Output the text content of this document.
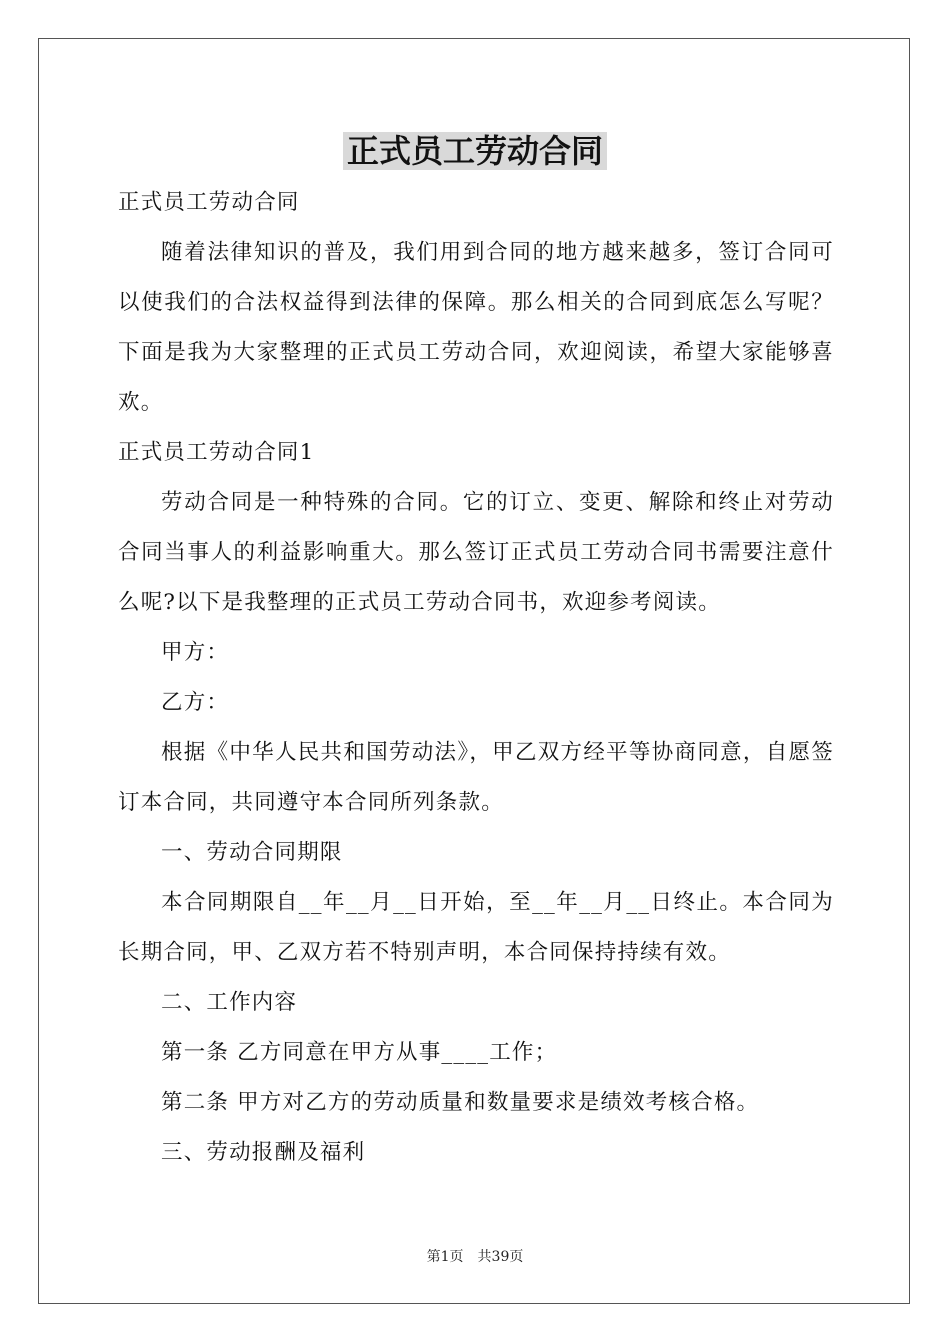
正式员工劳动合同

正式员工劳动合同

随着法律知识的普及，我们用到合同的地方越来越多，签订合同可以使我们的合法权益得到法律的保障。那么相关的合同到底怎么写呢？下面是我为大家整理的正式员工劳动合同，欢迎阅读，希望大家能够喜欢。

正式员工劳动合同1

劳动合同是一种特殊的合同。它的订立、变更、解除和终止对劳动合同当事人的利益影响重大。那么签订正式员工劳动合同书需要注意什么呢?以下是我整理的正式员工劳动合同书，欢迎参考阅读。

甲方：

乙方：

根据《中华人民共和国劳动法》，甲乙双方经平等协商同意，自愿签订本合同，共同遵守本合同所列条款。

一、劳动合同期限

本合同期限自__年__月__日开始，至__年__月__日终止。本合同为长期合同，甲、乙双方若不特别声明，本合同保持持续有效。

二、工作内容

第一条 乙方同意在甲方从事____工作；

第二条 甲方对乙方的劳动质量和数量要求是绩效考核合格。

三、劳动报酬及福利

第1页 共39页
